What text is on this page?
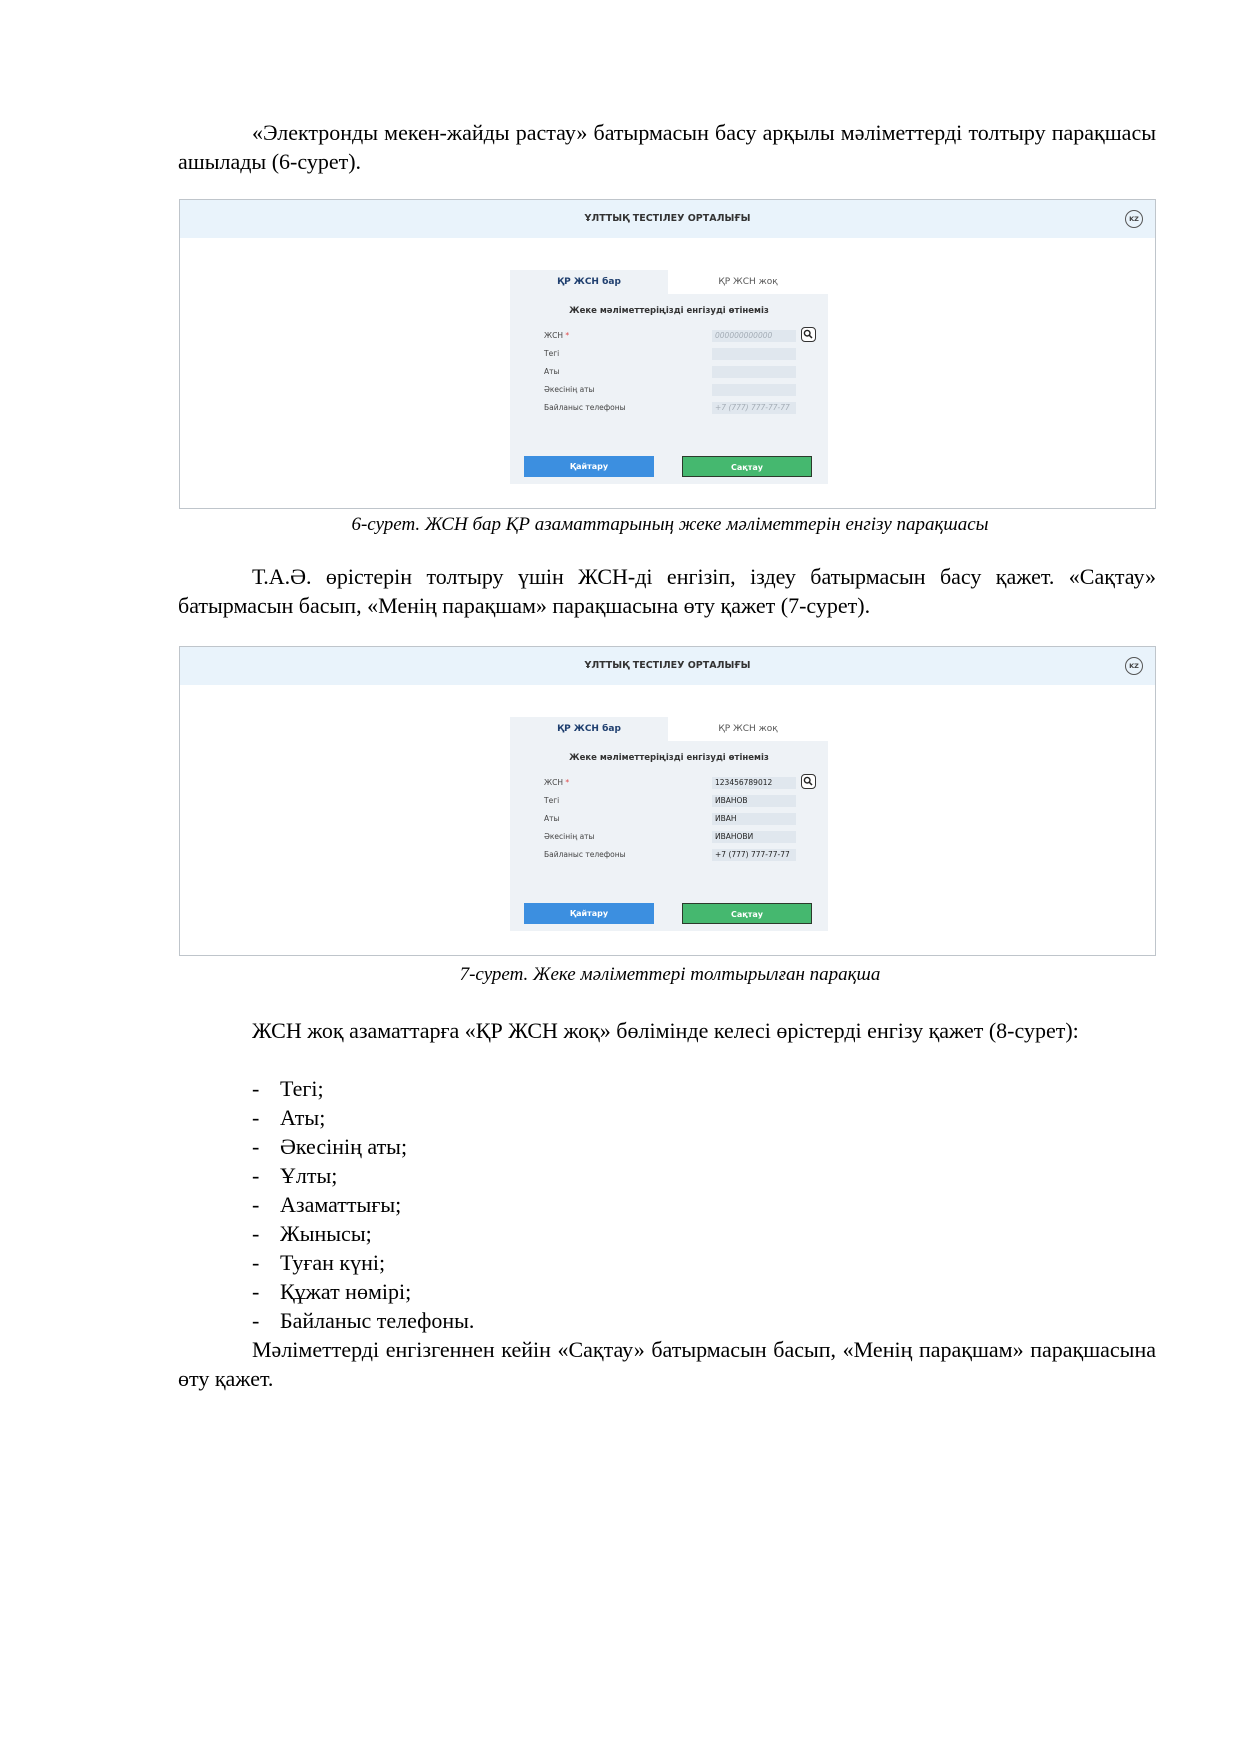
«Электронды мекен-жайды растау» батырмасын басу арқылы мәліметтерді толтыру парақшасы ашылады (6-сурет).

ҰЛТТЫҚ ТЕСТІЛЕУ ОРТАЛЫҒЫ	KZ
ҚР ЖСН бар	ҚР ЖСН жоқ
Жеке мәліметтеріңізді енгізуді өтінеміз
ЖСН *	000000000000
Тегі
Аты
Әкесінің аты
Байланыс телефоны	+7 (777) 777-77-77
Қайтару	Сақтау

6-сурет. ЖСН бар ҚР азаматтарының жеке мәліметтерін енгізу парақшасы

Т.А.Ә. өрістерін толтыру үшін ЖСН-ді енгізіп, іздеу батырмасын басу қажет. «Сақтау» батырмасын басып, «Менің парақшам» парақшасына өту қажет (7-сурет).

ҰЛТТЫҚ ТЕСТІЛЕУ ОРТАЛЫҒЫ	KZ
ҚР ЖСН бар	ҚР ЖСН жоқ
Жеке мәліметтеріңізді енгізуді өтінеміз
ЖСН *	123456789012
Тегі	ИВАНОВ
Аты	ИВАН
Әкесінің аты	ИВАНОВИ
Байланыс телефоны	+7 (777) 777-77-77
Қайтару	Сақтау

7-сурет. Жеке мәліметтері толтырылған парақша

ЖСН жоқ азаматтарға «ҚР ЖСН жоқ» бөлімінде келесі өрістерді енгізу қажет (8-сурет):

- Тегі;
- Аты;
- Әкесінің аты;
- Ұлты;
- Азаматтығы;
- Жынысы;
- Туған күні;
- Құжат нөмірі;
- Байланыс телефоны.

Мәліметтерді енгізгеннен кейін «Сақтау» батырмасын басып, «Менің парақшам» парақшасына өту қажет.
